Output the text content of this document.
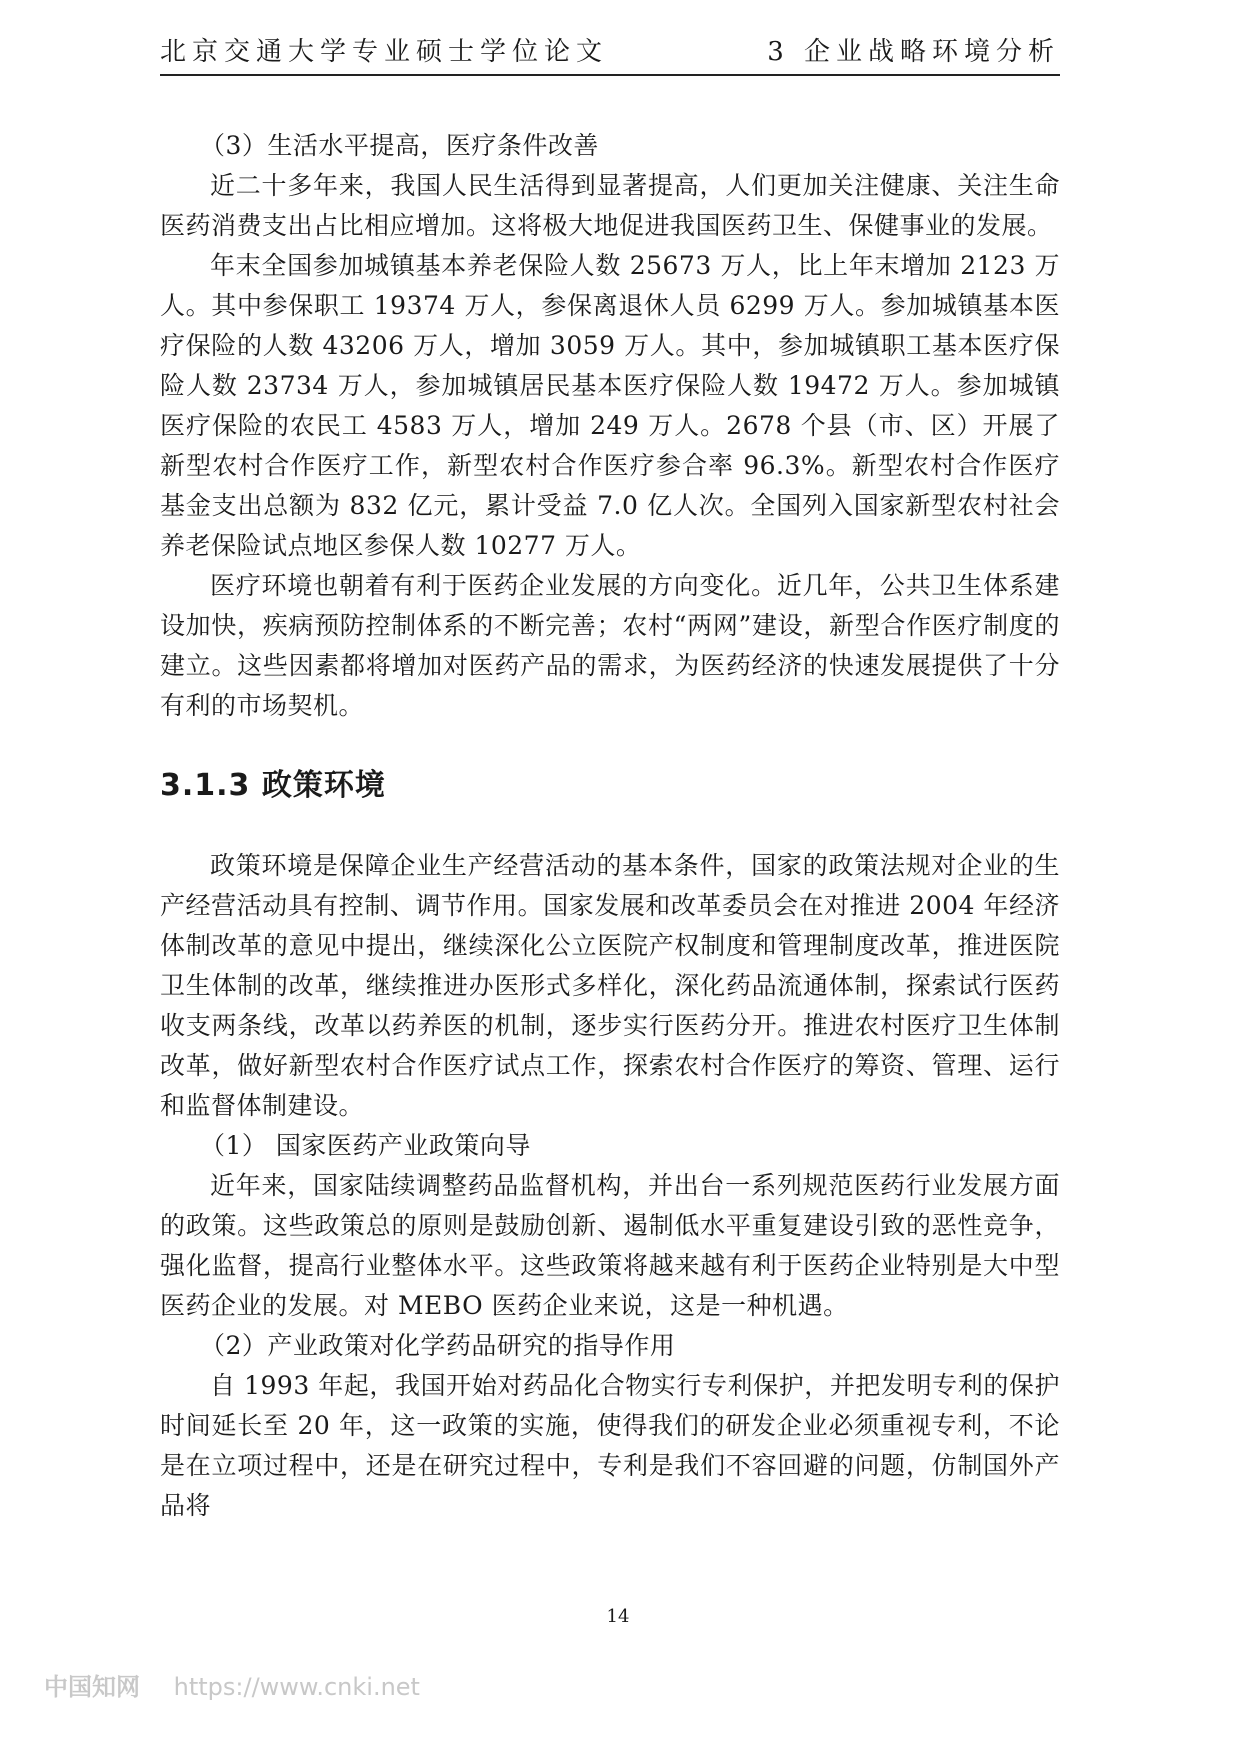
北京交通大学专业硕士学位论文	3 企业战略环境分析

（3）生活水平提高，医疗条件改善

近二十多年来，我国人民生活得到显著提高，人们更加关注健康、关注生命医药消费支出占比相应增加。这将极大地促进我国医药卫生、保健事业的发展。

年末全国参加城镇基本养老保险人数 25673 万人，比上年末增加 2123 万人。其中参保职工 19374 万人，参保离退休人员 6299 万人。参加城镇基本医疗保险的人数 43206 万人，增加 3059 万人。其中，参加城镇职工基本医疗保险人数 23734 万人，参加城镇居民基本医疗保险人数 19472 万人。参加城镇医疗保险的农民工 4583 万人，增加 249 万人。2678 个县（市、区）开展了新型农村合作医疗工作，新型农村合作医疗参合率 96.3%。新型农村合作医疗基金支出总额为 832 亿元，累计受益 7.0 亿人次。全国列入国家新型农村社会养老保险试点地区参保人数 10277 万人。

医疗环境也朝着有利于医药企业发展的方向变化。近几年，公共卫生体系建设加快，疾病预防控制体系的不断完善；农村“两网”建设，新型合作医疗制度的建立。这些因素都将增加对医药产品的需求，为医药经济的快速发展提供了十分有利的市场契机。

3.1.3 政策环境

政策环境是保障企业生产经营活动的基本条件，国家的政策法规对企业的生产经营活动具有控制、调节作用。国家发展和改革委员会在对推进 2004 年经济体制改革的意见中提出，继续深化公立医院产权制度和管理制度改革，推进医院卫生体制的改革，继续推进办医形式多样化，深化药品流通体制，探索试行医药收支两条线，改革以药养医的机制，逐步实行医药分开。推进农村医疗卫生体制改革，做好新型农村合作医疗试点工作，探索农村合作医疗的筹资、管理、运行和监督体制建设。

（1） 国家医药产业政策向导

近年来，国家陆续调整药品监督机构，并出台一系列规范医药行业发展方面的政策。这些政策总的原则是鼓励创新、遏制低水平重复建设引致的恶性竞争，强化监督，提高行业整体水平。这些政策将越来越有利于医药企业特别是大中型医药企业的发展。对 MEBO 医药企业来说，这是一种机遇。

（2）产业政策对化学药品研究的指导作用

自 1993 年起，我国开始对药品化合物实行专利保护，并把发明专利的保护时间延长至 20 年，这一政策的实施，使得我们的研发企业必须重视专利，不论是在立项过程中，还是在研究过程中，专利是我们不容回避的问题，仿制国外产品将

14
中国知网 https://www.cnki.net
